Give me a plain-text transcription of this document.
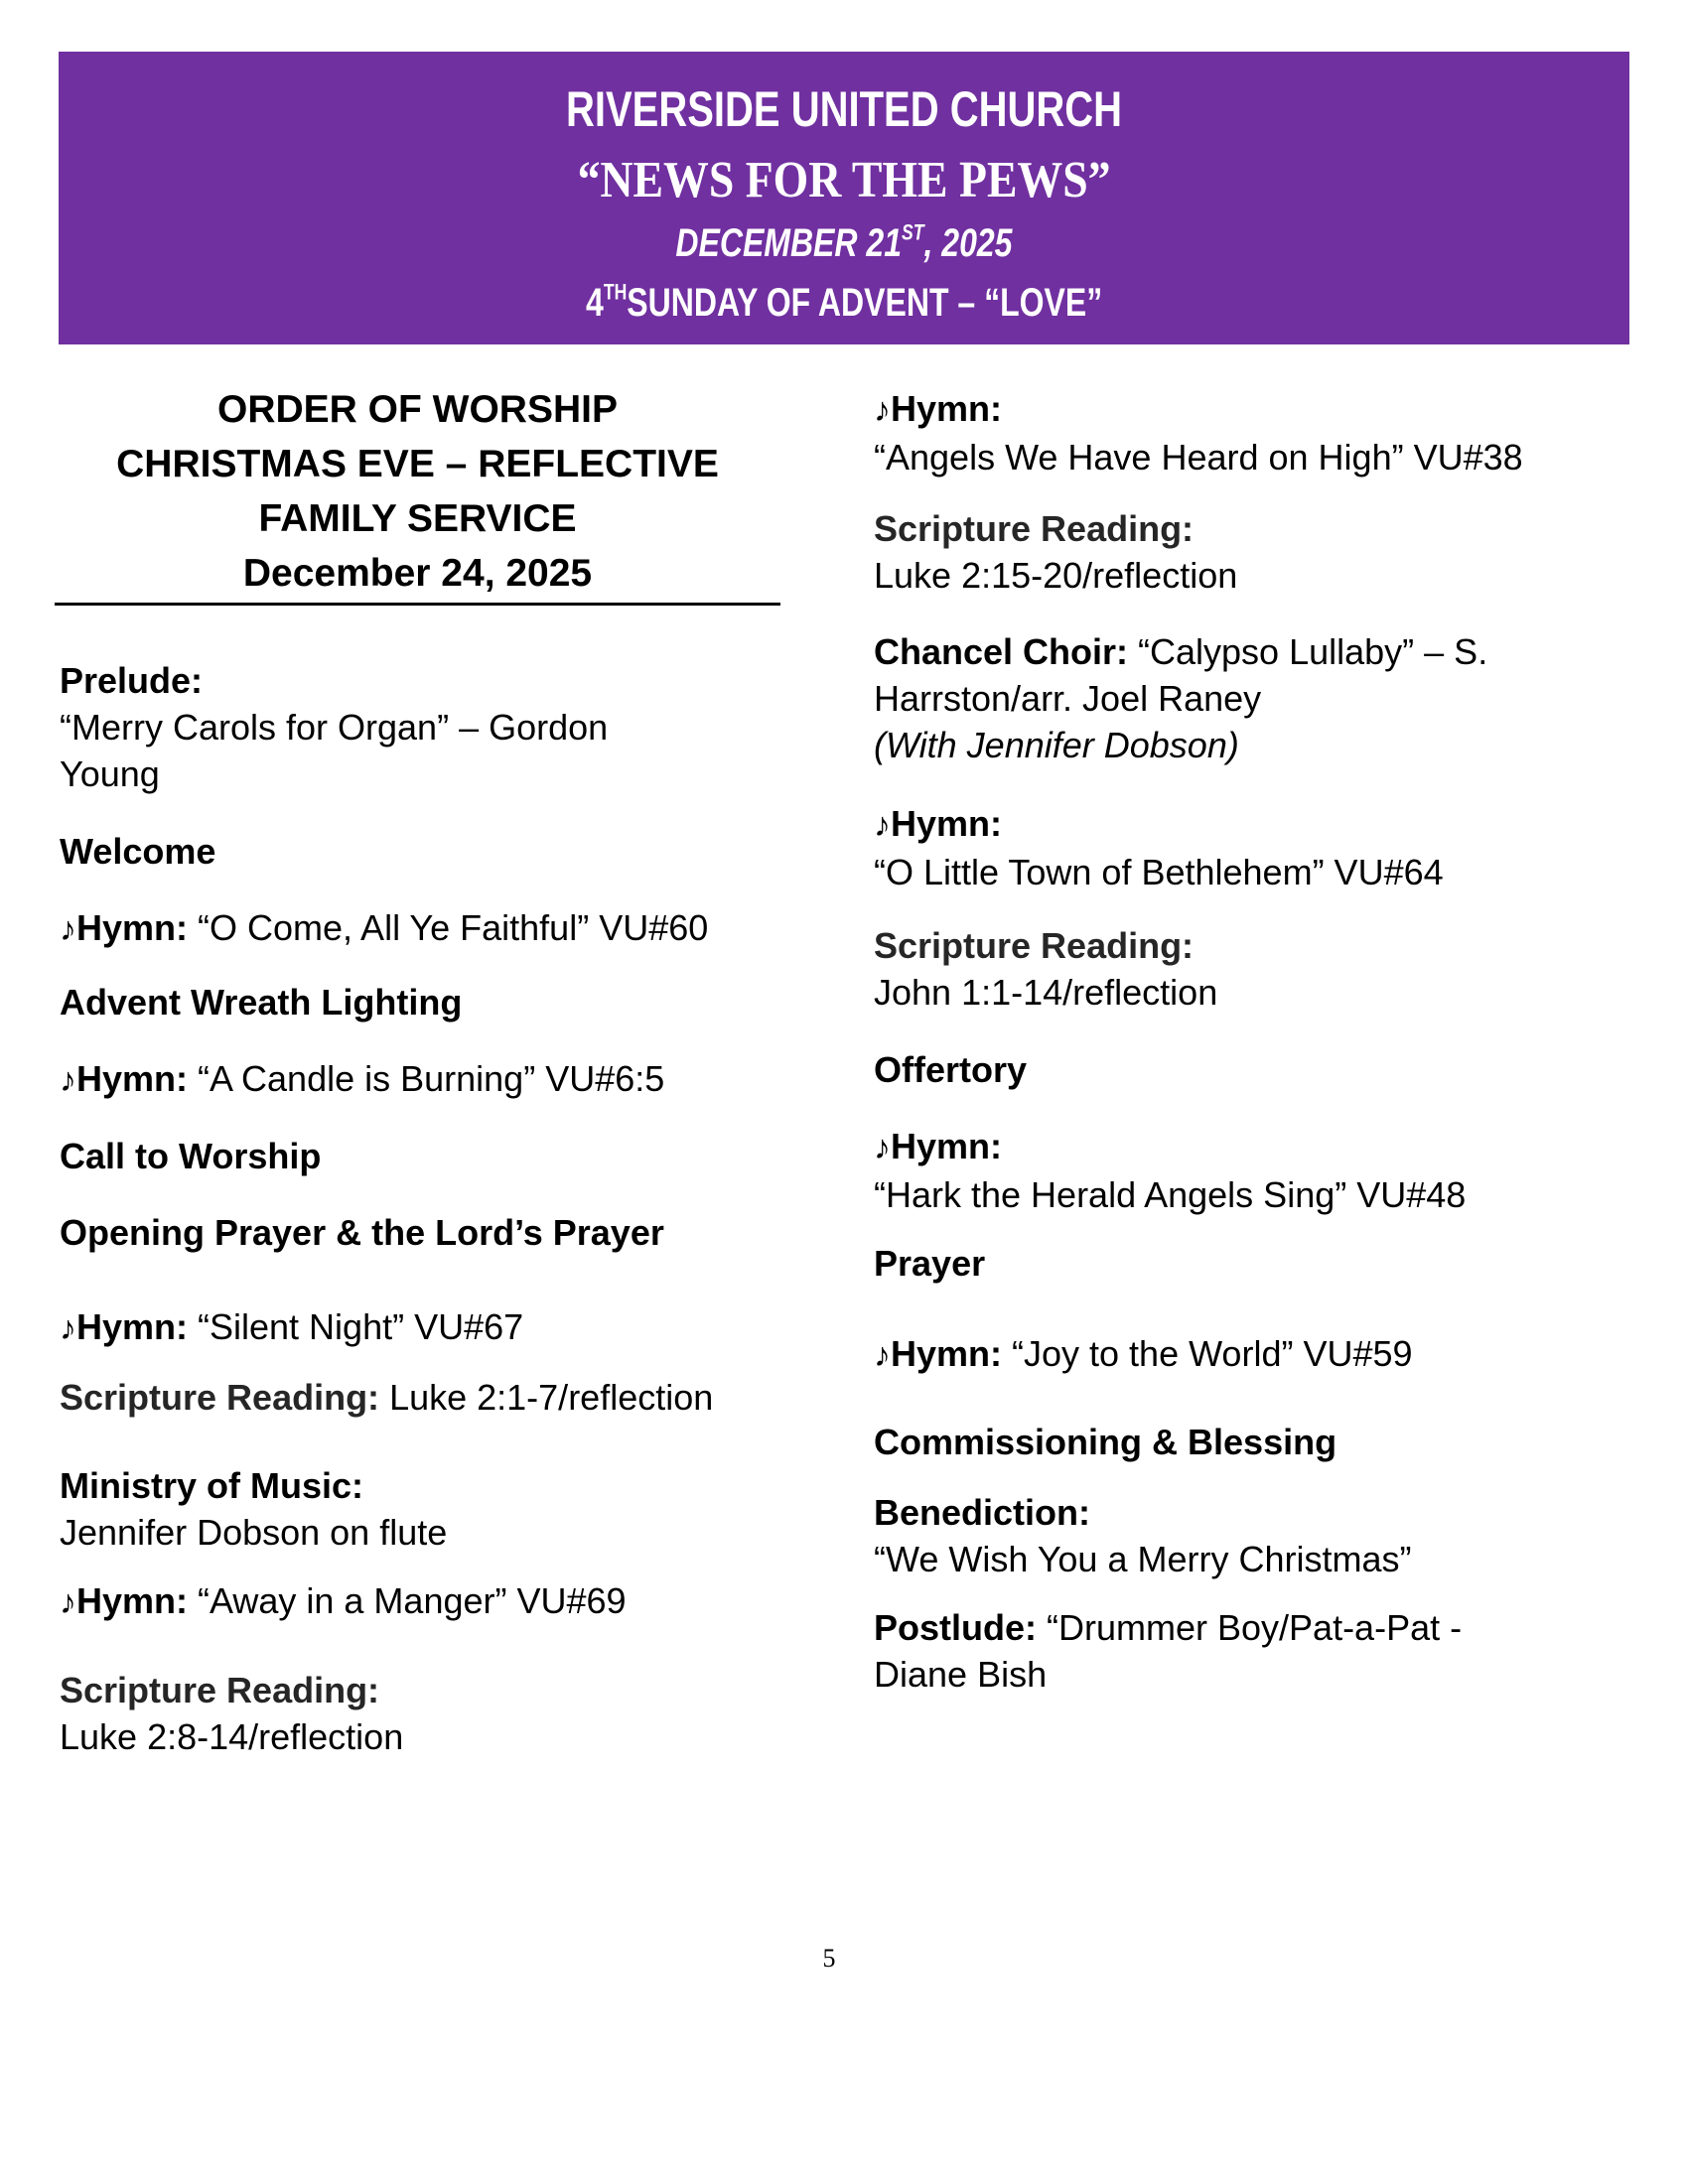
RIVERSIDE UNITED CHURCH
“NEWS FOR THE PEWS”
DECEMBER 21ST, 2025
4THSUNDAY OF ADVENT – “LOVE”
ORDER OF WORSHIP
CHRISTMAS EVE – REFLECTIVE
FAMILY SERVICE
December 24, 2025
Prelude:
“Merry Carols for Organ” – Gordon
Young
Welcome
♪Hymn: “O Come, All Ye Faithful” VU#60
Advent Wreath Lighting
♪Hymn: “A Candle is Burning” VU#6:5
Call to Worship
Opening Prayer & the Lord’s Prayer
♪Hymn: “Silent Night” VU#67
Scripture Reading: Luke 2:1-7/reflection
Ministry of Music:
Jennifer Dobson on flute
♪Hymn: “Away in a Manger” VU#69
Scripture Reading:
Luke 2:8-14/reflection
♪Hymn:
“Angels We Have Heard on High” VU#38
Scripture Reading:
Luke 2:15-20/reflection
Chancel Choir: “Calypso Lullaby” – S.
Harrston/arr. Joel Raney
(With Jennifer Dobson)
♪Hymn:
“O Little Town of Bethlehem” VU#64
Scripture Reading:
John 1:1-14/reflection
Offertory
♪Hymn:
“Hark the Herald Angels Sing” VU#48
Prayer
♪Hymn: “Joy to the World” VU#59
Commissioning & Blessing
Benediction:
“We Wish You a Merry Christmas”
Postlude: “Drummer Boy/Pat-a-Pat -
Diane Bish
5
